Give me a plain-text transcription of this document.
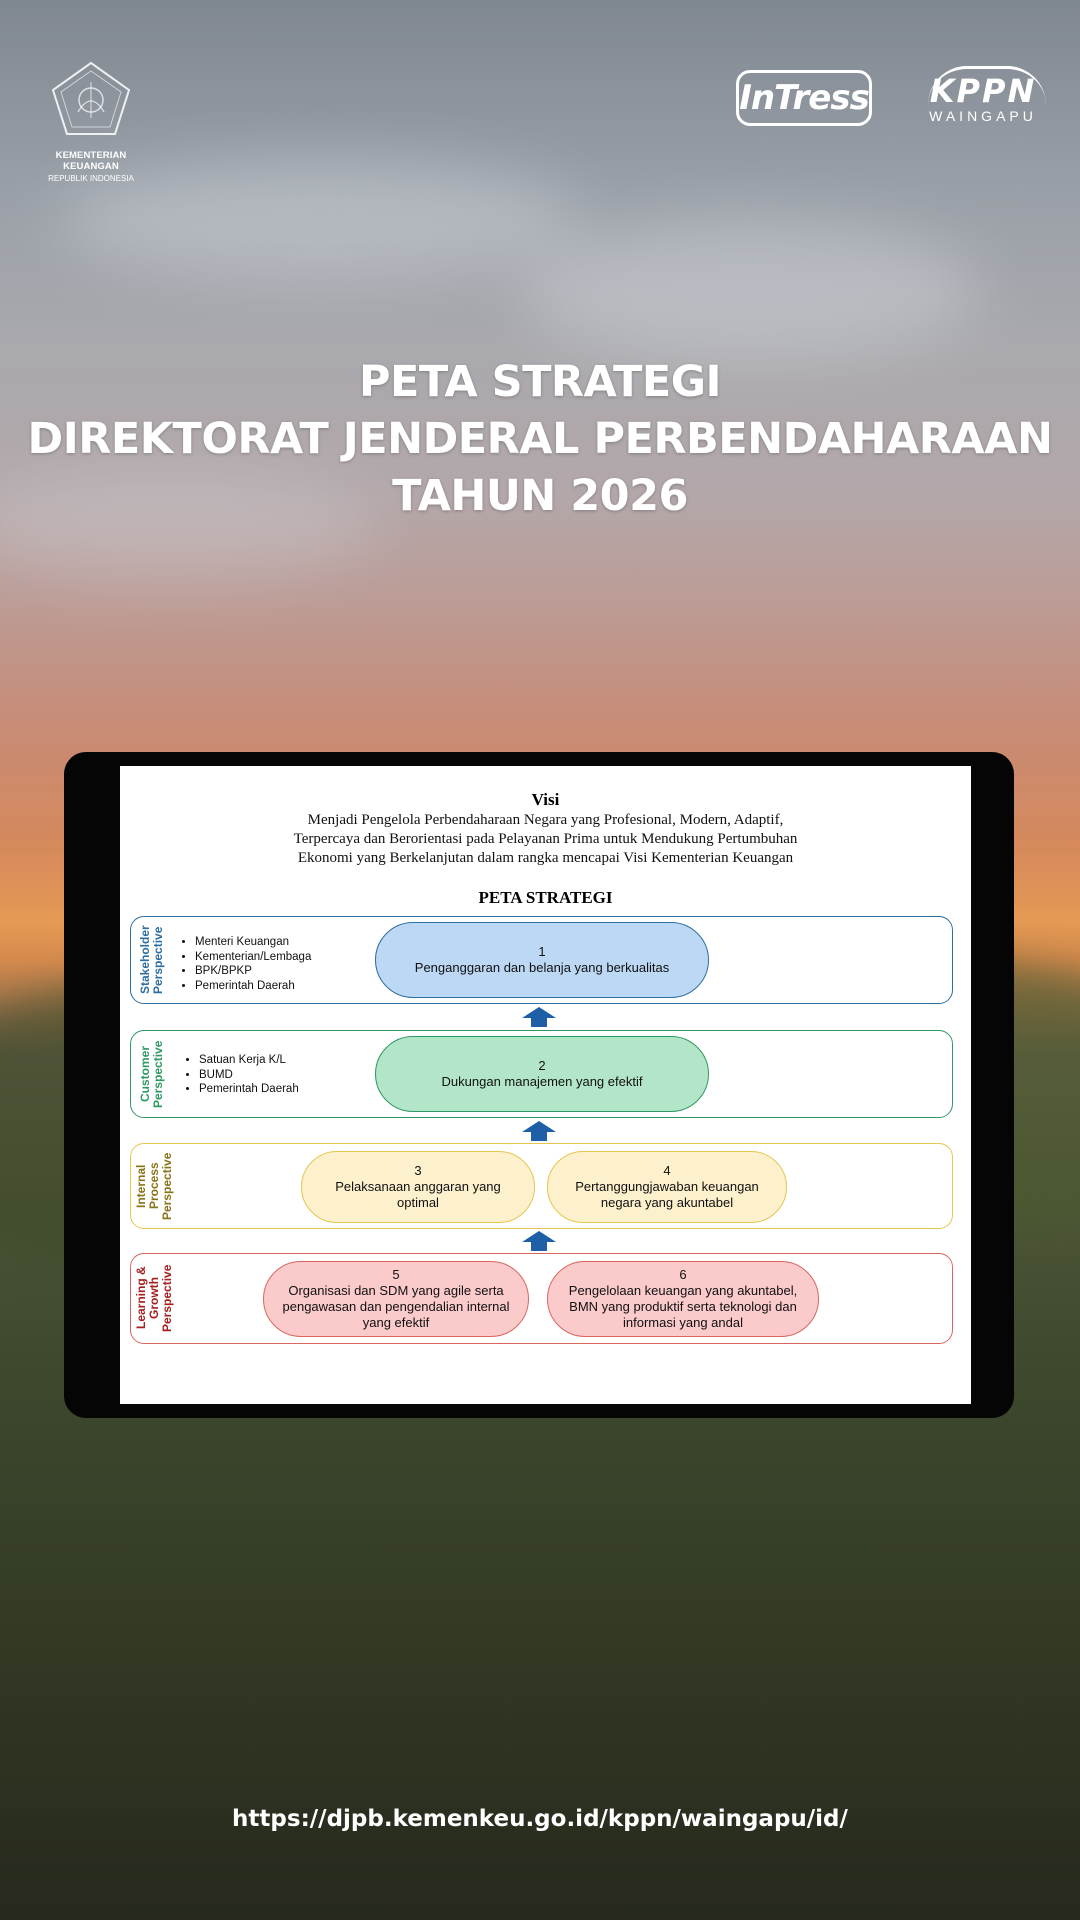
KEMENTERIAN KEUANGAN
REPUBLIK INDONESIA
InTress	KPPN
WAINGAPU
PETA STRATEGI
DIREKTORAT JENDERAL PERBENDAHARAAN
TAHUN 2026
Visi
Menjadi Pengelola Perbendaharaan Negara yang Profesional, Modern, Adaptif,
Terpercaya dan Berorientasi pada Pelayanan Prima untuk Mendukung Pertumbuhan
Ekonomi yang Berkelanjutan dalam rangka mencapai Visi Kementerian Keuangan
PETA STRATEGI
Stakeholder Perspective	• Menteri Keuangan
• Kementerian/Lembaga
• BPK/BPKP
• Pemerintah Daerah
1
Penganggaran dan belanja yang berkualitas
Customer Perspective	• Satuan Kerja K/L
• BUMD
• Pemerintah Daerah
2
Dukungan manajemen yang efektif
Internal
Process
Perspective	3
Pelaksanaan anggaran yang optimal
4
Pertanggungjawaban keuangan negara yang akuntabel
Learning &
Growth
Perspective	5
Organisasi dan SDM yang agile serta pengawasan dan pengendalian internal yang efektif
6
Pengelolaan keuangan yang akuntabel, BMN yang produktif serta teknologi dan informasi yang andal
https://djpb.kemenkeu.go.id/kppn/waingapu/id/
